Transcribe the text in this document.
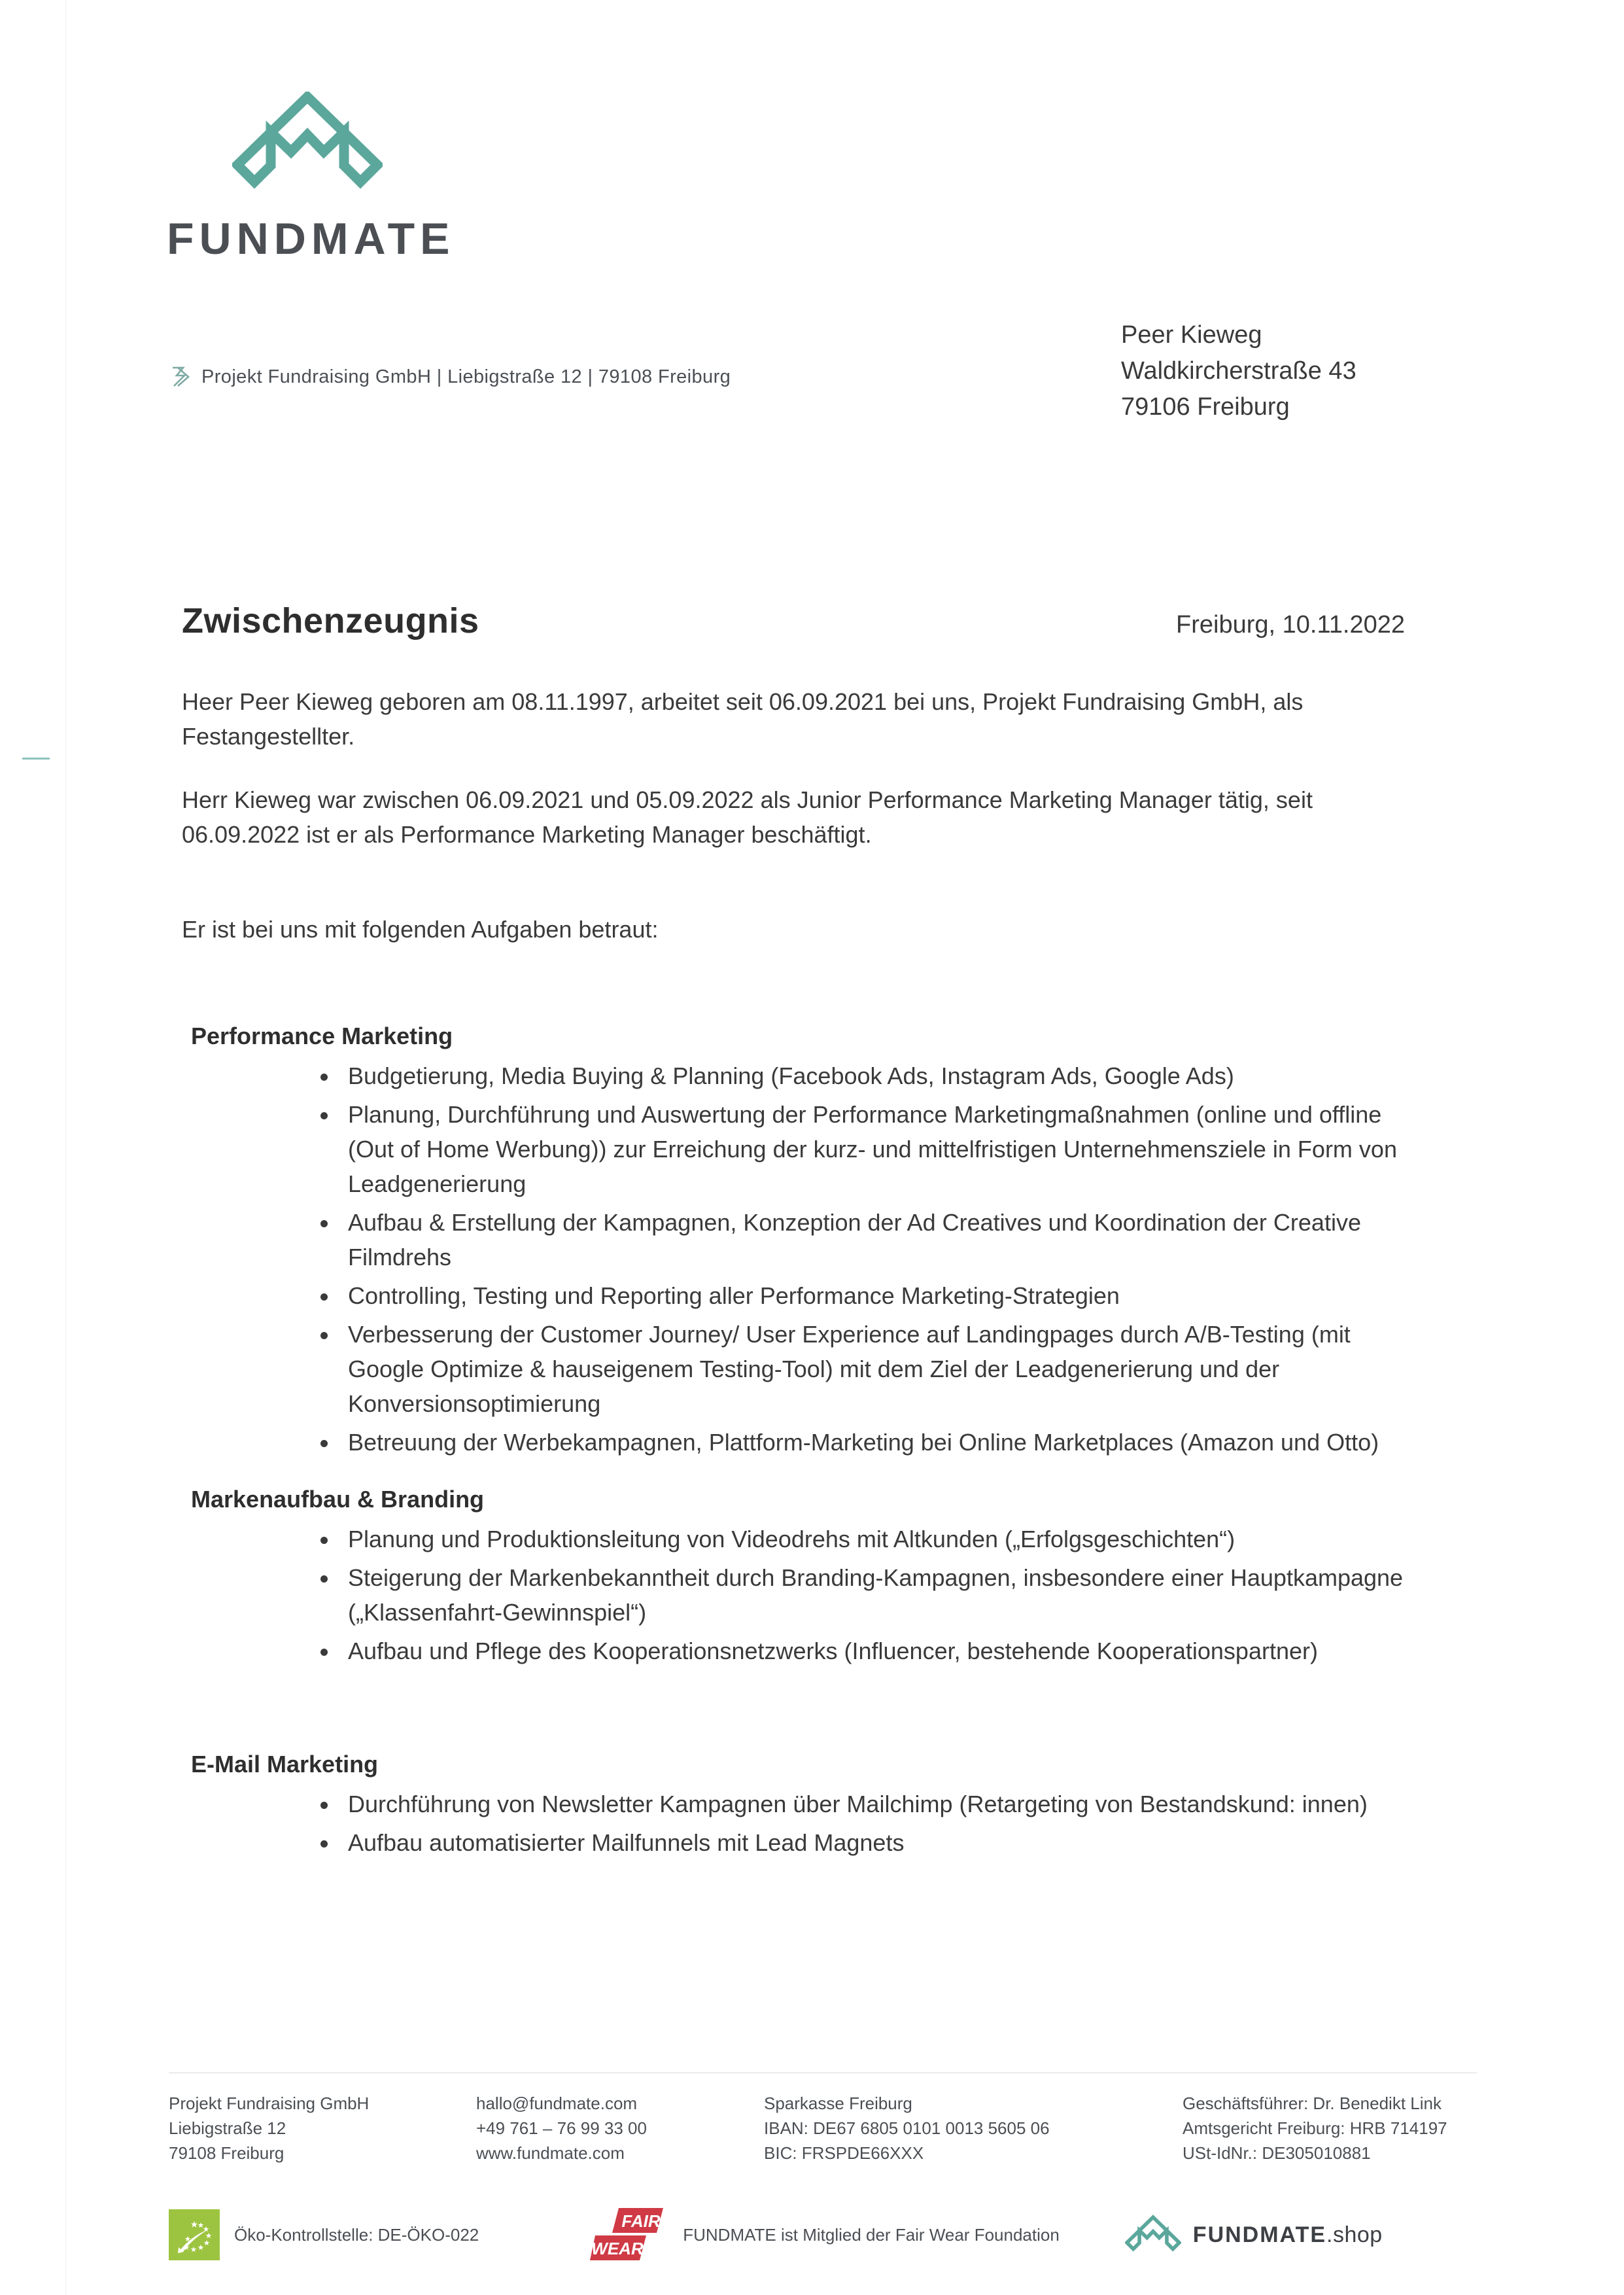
FUNDMATE
Projekt Fundraising GmbH | Liebigstraße 12 | 79108 Freiburg
Peer Kieweg
Waldkircherstraße 43
79106 Freiburg
Zwischenzeugnis	Freiburg, 10.11.2022

Heer Peer Kieweg geboren am 08.11.1997, arbeitet seit 06.09.2021 bei uns, Projekt Fundraising GmbH, als Festangestellter.

Herr Kieweg war zwischen 06.09.2021 und 05.09.2022 als Junior Performance Marketing Manager tätig, seit 06.09.2022 ist er als Performance Marketing Manager beschäftigt.

Er ist bei uns mit folgenden Aufgaben betraut:

Performance Marketing
Budgetierung, Media Buying & Planning (Facebook Ads, Instagram Ads, Google Ads)
Planung, Durchführung und Auswertung der Performance Marketingmaßnahmen (online und offline (Out of Home Werbung)) zur Erreichung der kurz- und mittelfristigen Unternehmensziele in Form von Leadgenerierung
Aufbau & Erstellung der Kampagnen, Konzeption der Ad Creatives und Koordination der Creative Filmdrehs
Controlling, Testing und Reporting aller Performance Marketing-Strategien
Verbesserung der Customer Journey/ User Experience auf Landingpages durch A/B-Testing (mit Google Optimize & hauseigenem Testing-Tool) mit dem Ziel der Leadgenerierung und der Konversionsoptimierung
Betreuung der Werbekampagnen, Plattform-Marketing bei Online Marketplaces (Amazon und Otto)
Markenaufbau & Branding
Planung und Produktionsleitung von Videodrehs mit Altkunden („Erfolgsgeschichten“)
Steigerung der Markenbekanntheit durch Branding-Kampagnen, insbesondere einer Hauptkampagne („Klassenfahrt-Gewinnspiel“)
Aufbau und Pflege des Kooperationsnetzwerks (Influencer, bestehende Kooperationspartner)
E-Mail Marketing
Durchführung von Newsletter Kampagnen über Mailchimp (Retargeting von Bestandskund: innen)
Aufbau automatisierter Mailfunnels mit Lead Magnets
Projekt Fundraising GmbH
Liebigstraße 12
79108 Freiburg
hallo@fundmate.com
+49 761 – 76 99 33 00
www.fundmate.com
Sparkasse Freiburg
IBAN: DE67 6805 0101 0013 5605 06
BIC: FRSPDE66XXX
Geschäftsführer: Dr. Benedikt Link
Amtsgericht Freiburg: HRB 714197
USt-IdNr.: DE305010881
Öko-Kontrollstelle: DE-ÖKO-022
FAIR
WEAR
FUNDMATE ist Mitglied der Fair Wear Foundation	FUNDMATE.shop
